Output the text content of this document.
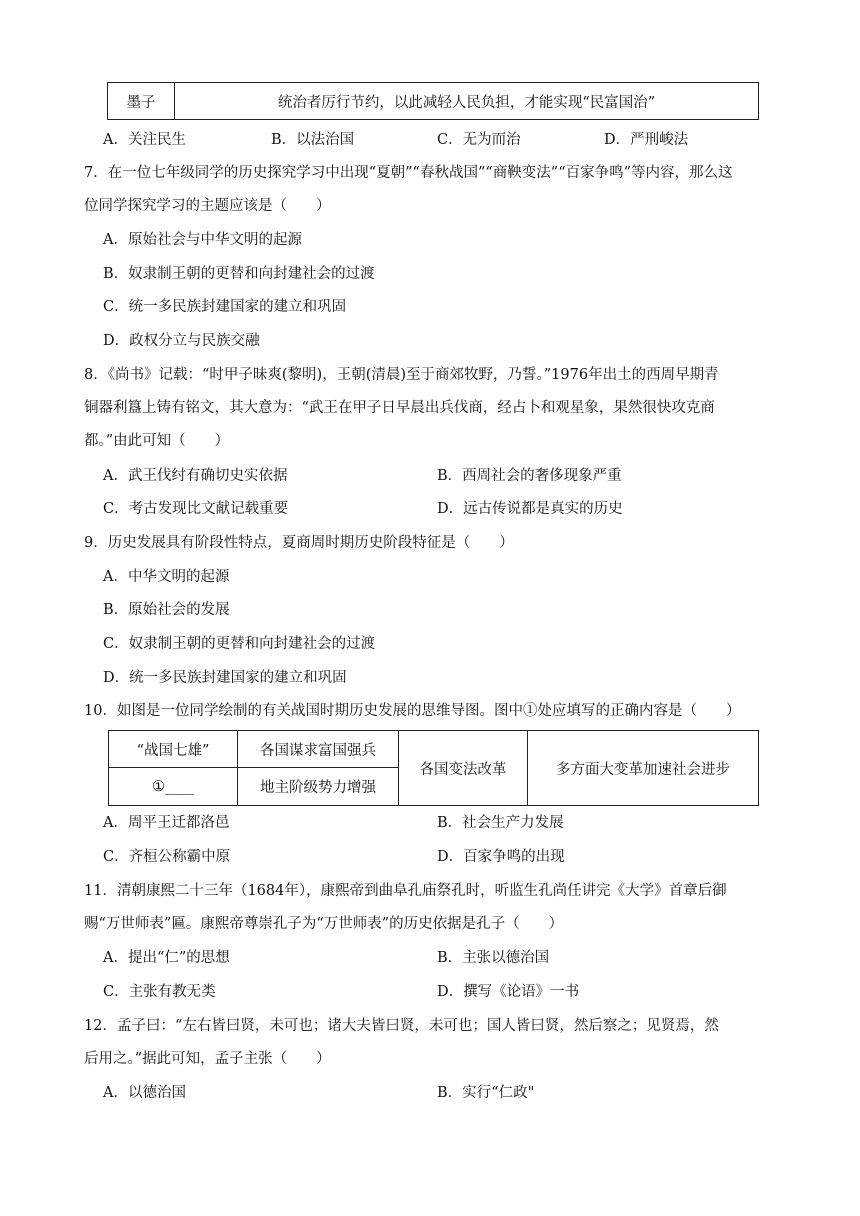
墨子	统治者厉行节约，以此减轻人民负担，才能实现“民富国治”
A．关注民生	B．以法治国	C．无为而治	D．严刑峻法
7．在一位七年级同学的历史探究学习中出现“夏朝”“春秋战国”“商鞅变法”“百家争鸣”等内容，那么这
位同学探究学习的主题应该是（　　）
A．原始社会与中华文明的起源
B．奴隶制王朝的更替和向封建社会的过渡
C．统一多民族封建国家的建立和巩固
D．政权分立与民族交融
8．《尚书》记载：“时甲子昧爽(黎明)，王朝(清晨)至于商郊牧野，乃誓。”1976年出土的西周早期青
铜器利簋上铸有铭文，其大意为：“武王在甲子日早晨出兵伐商，经占卜和观星象，果然很快攻克商
都。”由此可知（　　）
A．武王伐纣有确切史实依据	B．西周社会的奢侈现象严重
C．考古发现比文献记载重要	D．远古传说都是真实的历史
9．历史发展具有阶段性特点，夏商周时期历史阶段特征是（　　）
A．中华文明的起源
B．原始社会的发展
C．奴隶制王朝的更替和向封建社会的过渡
D．统一多民族封建国家的建立和巩固
10．如图是一位同学绘制的有关战国时期历史发展的思维导图。图中①处应填写的正确内容是（　　）
“战国七雄”	各国谋求富国强兵	各国变法改革	多方面大变革加速社会进步
①____	地主阶级势力增强		
A．周平王迁都洛邑	B．社会生产力发展
C．齐桓公称霸中原	D．百家争鸣的出现
11．清朝康熙二十三年（1684年），康熙帝到曲阜孔庙祭孔时，听监生孔尚任讲完《大学》首章后御
赐“万世师表”匾。康熙帝尊崇孔子为“万世师表”的历史依据是孔子（　　）
A．提出“仁”的思想	B．主张以德治国
C．主张有教无类	D．撰写《论语》一书
12．孟子曰：“左右皆曰贤，未可也；诸大夫皆曰贤，未可也；国人皆曰贤，然后察之；见贤焉，然
后用之。”据此可知，孟子主张（　　）
A．以德治国	B．实行“仁政"
